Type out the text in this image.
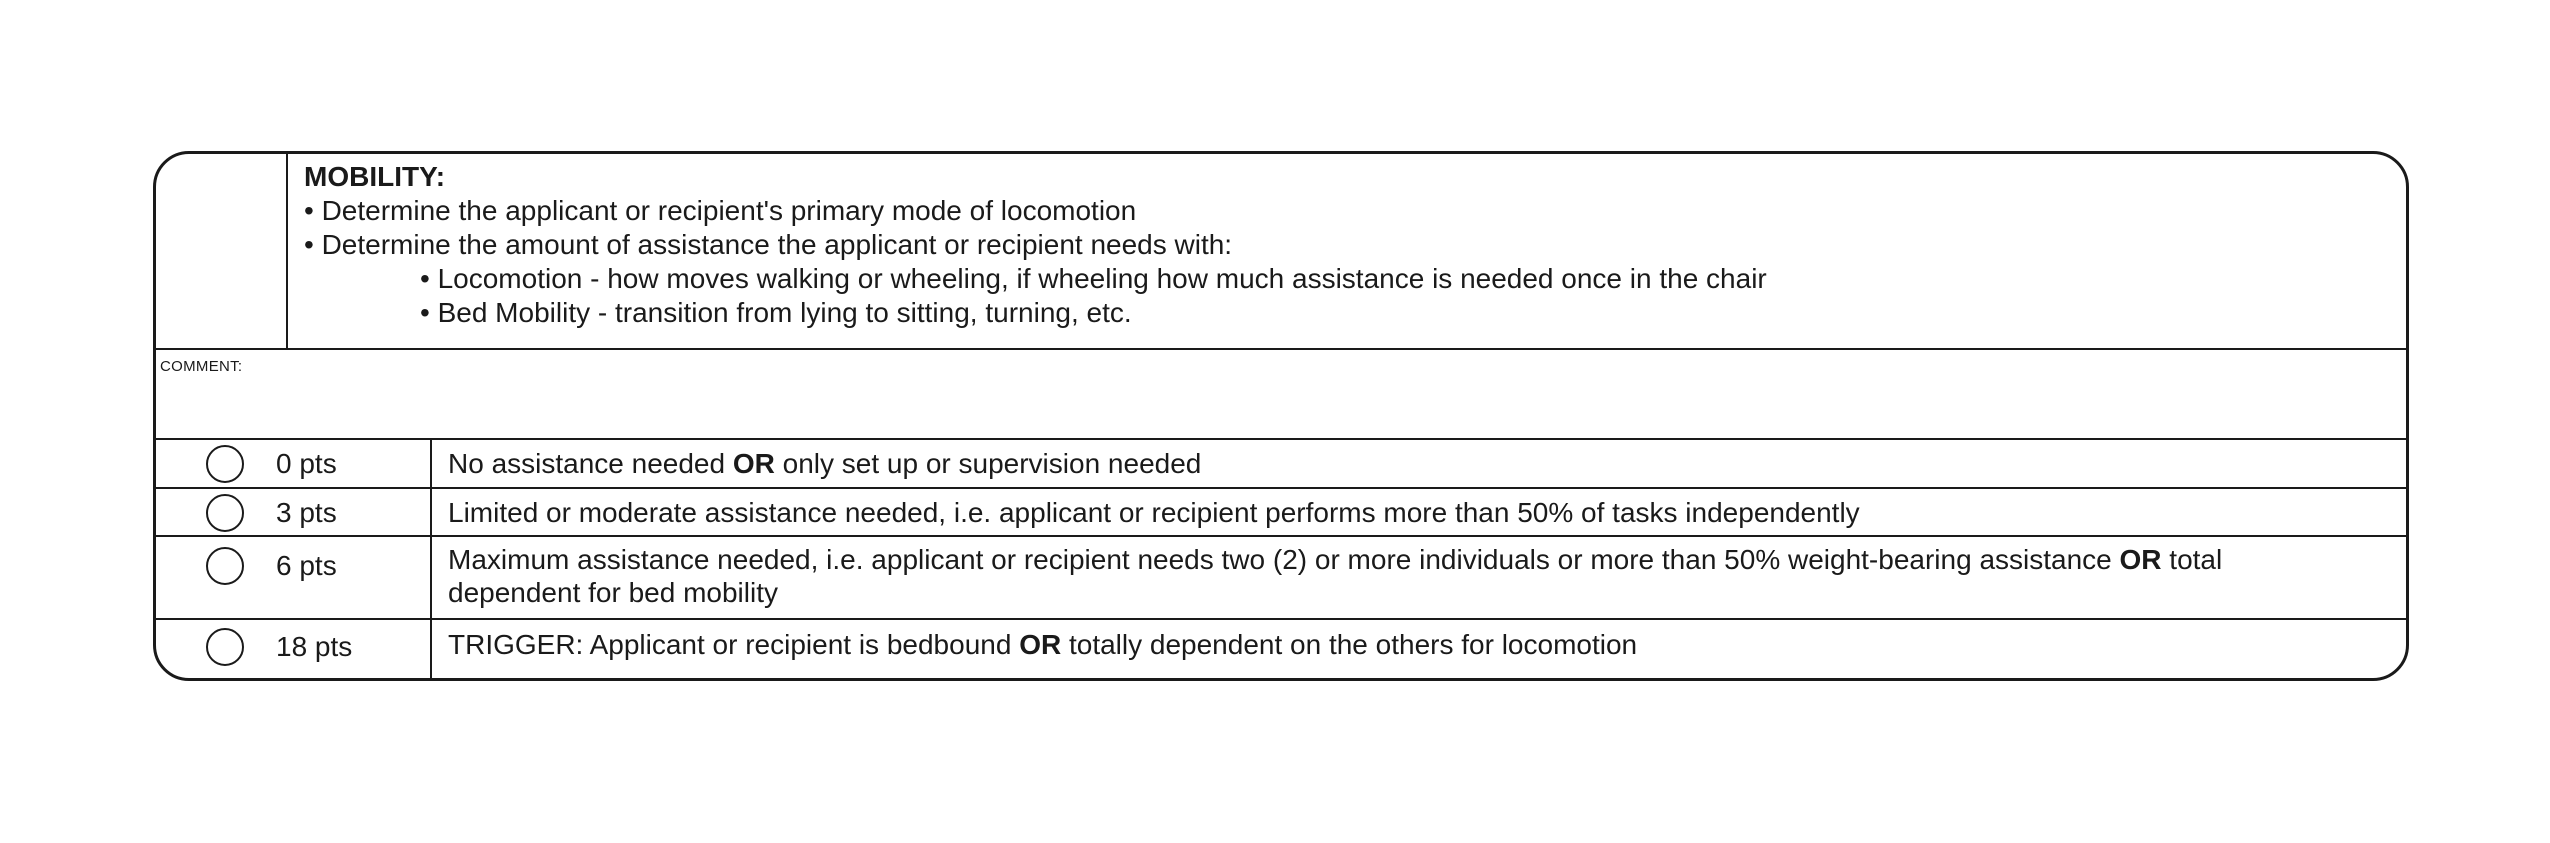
MOBILITY:
• Determine the applicant or recipient's primary mode of locomotion
• Determine the amount of assistance the applicant or recipient needs with:
• Locomotion - how moves walking or wheeling, if wheeling how much assistance is needed once in the chair
• Bed Mobility - transition from lying to sitting, turning, etc.
COMMENT:
0 pts	No assistance needed OR only set up or supervision needed
3 pts	Limited or moderate assistance needed, i.e. applicant or recipient performs more than 50% of tasks independently
6 pts	Maximum assistance needed, i.e. applicant or recipient needs two (2) or more individuals or more than 50% weight-bearing assistance OR total dependent for bed mobility
18 pts	TRIGGER: Applicant or recipient is bedbound OR totally dependent on the others for locomotion
